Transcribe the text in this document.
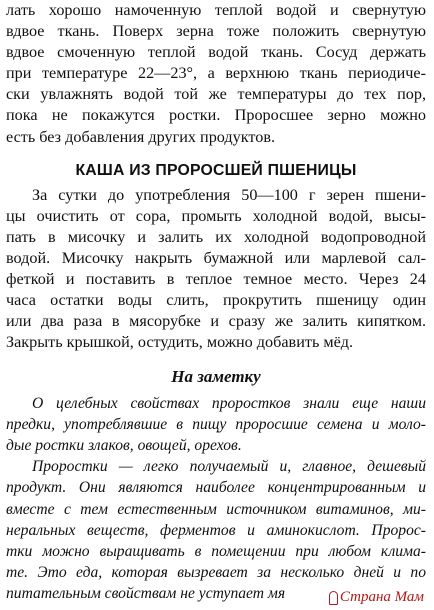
лать хорошо намоченную теплой водой и свернутую
вдвое ткань. Поверх зерна тоже положить свернутую
вдвое смоченную теплой водой ткань. Сосуд держать
при температуре 22—23°, а верхнюю ткань периодиче-
ски увлажнять водой той же температуры до тех пор,
пока не покажутся ростки. Проросшее зерно можно
есть без добавления других продуктов.
КАША ИЗ ПРОРОСШЕЙ ПШЕНИЦЫ
За сутки до употребления 50—100 г зерен пшени-
цы очистить от сора, промыть холодной водой, высы-
пать в мисочку и залить их холодной водопроводной
водой. Мисочку накрыть бумажной или марлевой сал-
феткой и поставить в теплое темное место. Через 24
часа остатки воды слить, прокрутить пшеницу один
или два раза в мясорубке и сразу же залить кипятком.
Закрыть крышкой, остудить, можно добавить мёд.
На заметку
О целебных свойствах проростков знали еще наши
предки, употреблявшие в пищу проросшие семена и моло-
дые ростки злаков, овощей, орехов.
Проростки — легко получаемый и, главное, дешевый
продукт. Они являются наиболее концентрированным и
вместе с тем естественным источником витаминов, ми-
неральных веществ, ферментов и аминокислот. Пророс-
тки можно выращивать в помещении при любом клима-
те. Это еда, которая вызревает за несколько дней и по
питательным свойствам не уступает мя	Страна Мам
